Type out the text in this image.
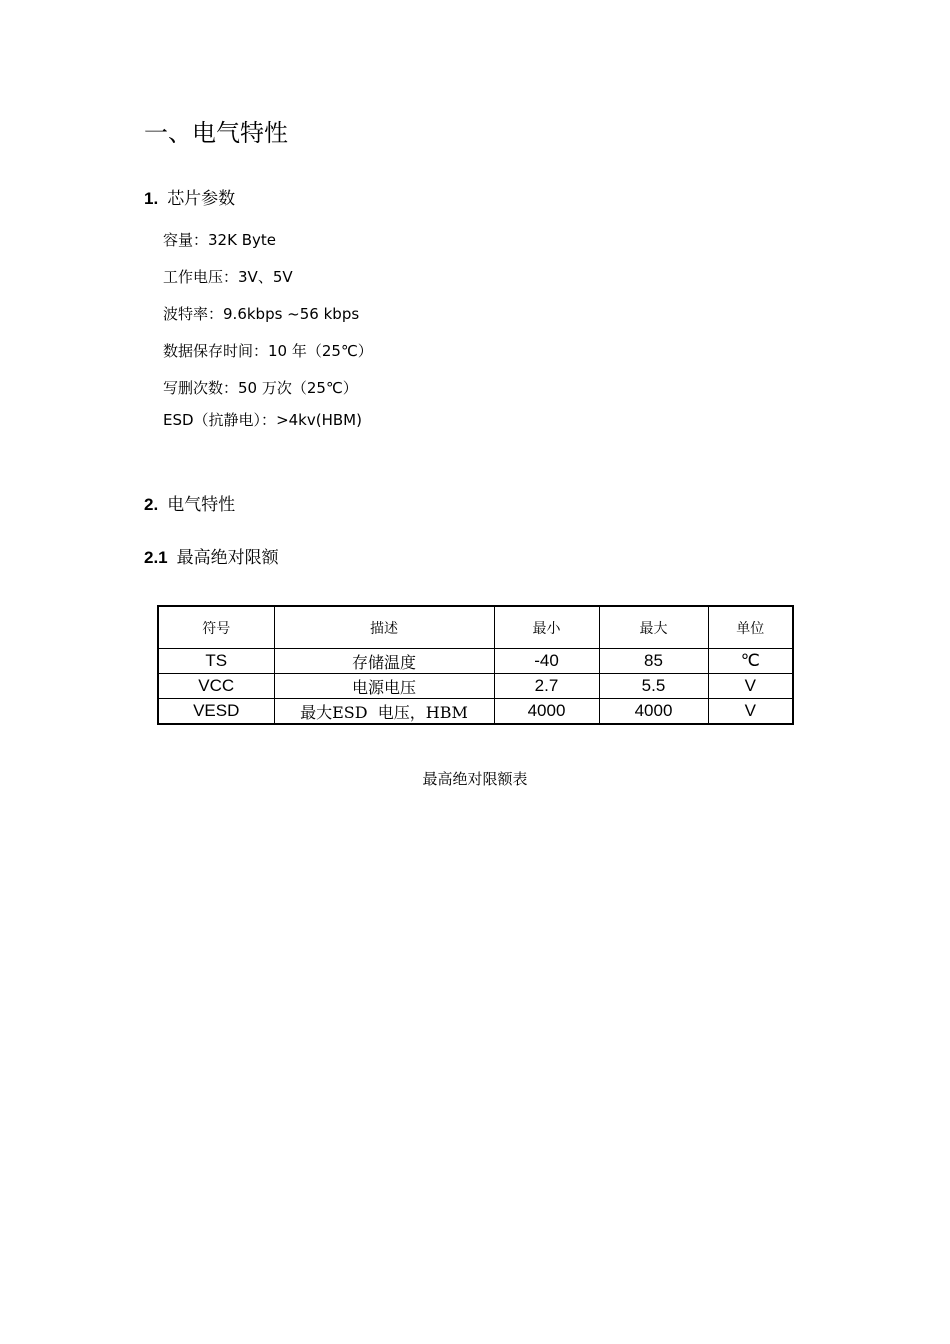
一、电气特性
1. 芯片参数
容量：32K Byte
工作电压：3V、5V
波特率：9.6kbps ~56 kbps
数据保存时间：10 年（25℃）
写删次数：50 万次（25℃）
ESD（抗静电）：>4kv(HBM)
2. 电气特性
2.1 最高绝对限额
符号	描述	最小	最大	单位
TS	存储温度	-40	85	℃
VCC	电源电压	2.7	5.5	V
VESD	最大ESD  电压，HBM	4000	4000	V
最高绝对限额表
